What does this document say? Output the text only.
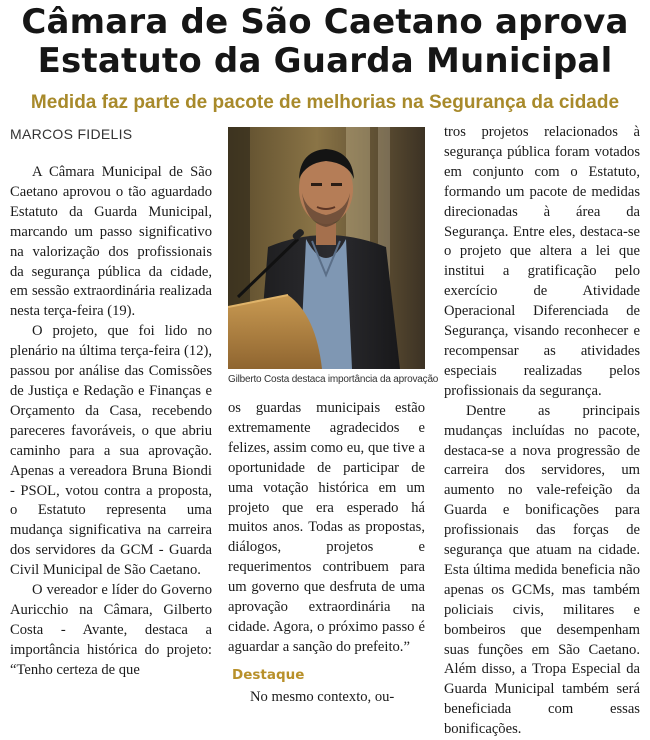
Câmara de São Caetano aprova Estatuto da Guarda Municipal
Medida faz parte de pacote de melhorias na Segurança da cidade
MARCOS FIDELIS

A Câmara Municipal de São Caetano aprovou o tão aguardado Estatuto da Guarda Municipal, marcando um passo significativo na valorização dos profissionais da segurança pública da cidade, em sessão extraordinária realizada nesta terça-feira (19).

O projeto, que foi lido no plenário na última terça-feira (12), passou por análise das Comissões de Justiça e Redação e Finanças e Orçamento da Casa, recebendo pareceres favoráveis, o que abriu caminho para a sua aprovação. Apenas a vereadora Bruna Biondi - PSOL, votou contra a proposta, o Estatuto representa uma mudança significativa na carreira dos servidores da GCM - Guarda Civil Municipal de São Caetano.

O vereador e líder do Governo Auricchio na Câmara, Gilberto Costa - Avante, destaca a importância histórica do projeto: “Tenho certeza de que

Gilberto Costa destaca importância da aprovação

os guardas municipais estão extremamente agradecidos e felizes, assim como eu, que tive a oportunidade de participar de uma votação histórica em um projeto que era esperado há muitos anos. Todas as propostas, diálogos, projetos e requerimentos contribuem para um governo que desfruta de uma aprovação extraordinária na cidade. Agora, o próximo passo é aguardar a sanção do prefeito.”

Destaque

No mesmo contexto, ou-

tros projetos relacionados à segurança pública foram votados em conjunto com o Estatuto, formando um pacote de medidas direcionadas à área da Segurança. Entre eles, destaca-se o projeto que altera a lei que institui a gratificação pelo exercício de Atividade Operacional Diferenciada de Segurança, visando reconhecer e recompensar as atividades especiais realizadas pelos profissionais da segurança.

Dentre as principais mudanças incluídas no pacote, destaca-se a nova progressão de carreira dos servidores, um aumento no vale-refeição da Guarda e bonificações para profissionais das forças de segurança que atuam na cidade. Esta última medida beneficia não apenas os GCMs, mas também policiais civis, militares e bombeiros que desempenham suas funções em São Caetano. Além disso, a Tropa Especial da Guarda Municipal também será beneficiada com essas bonificações.
